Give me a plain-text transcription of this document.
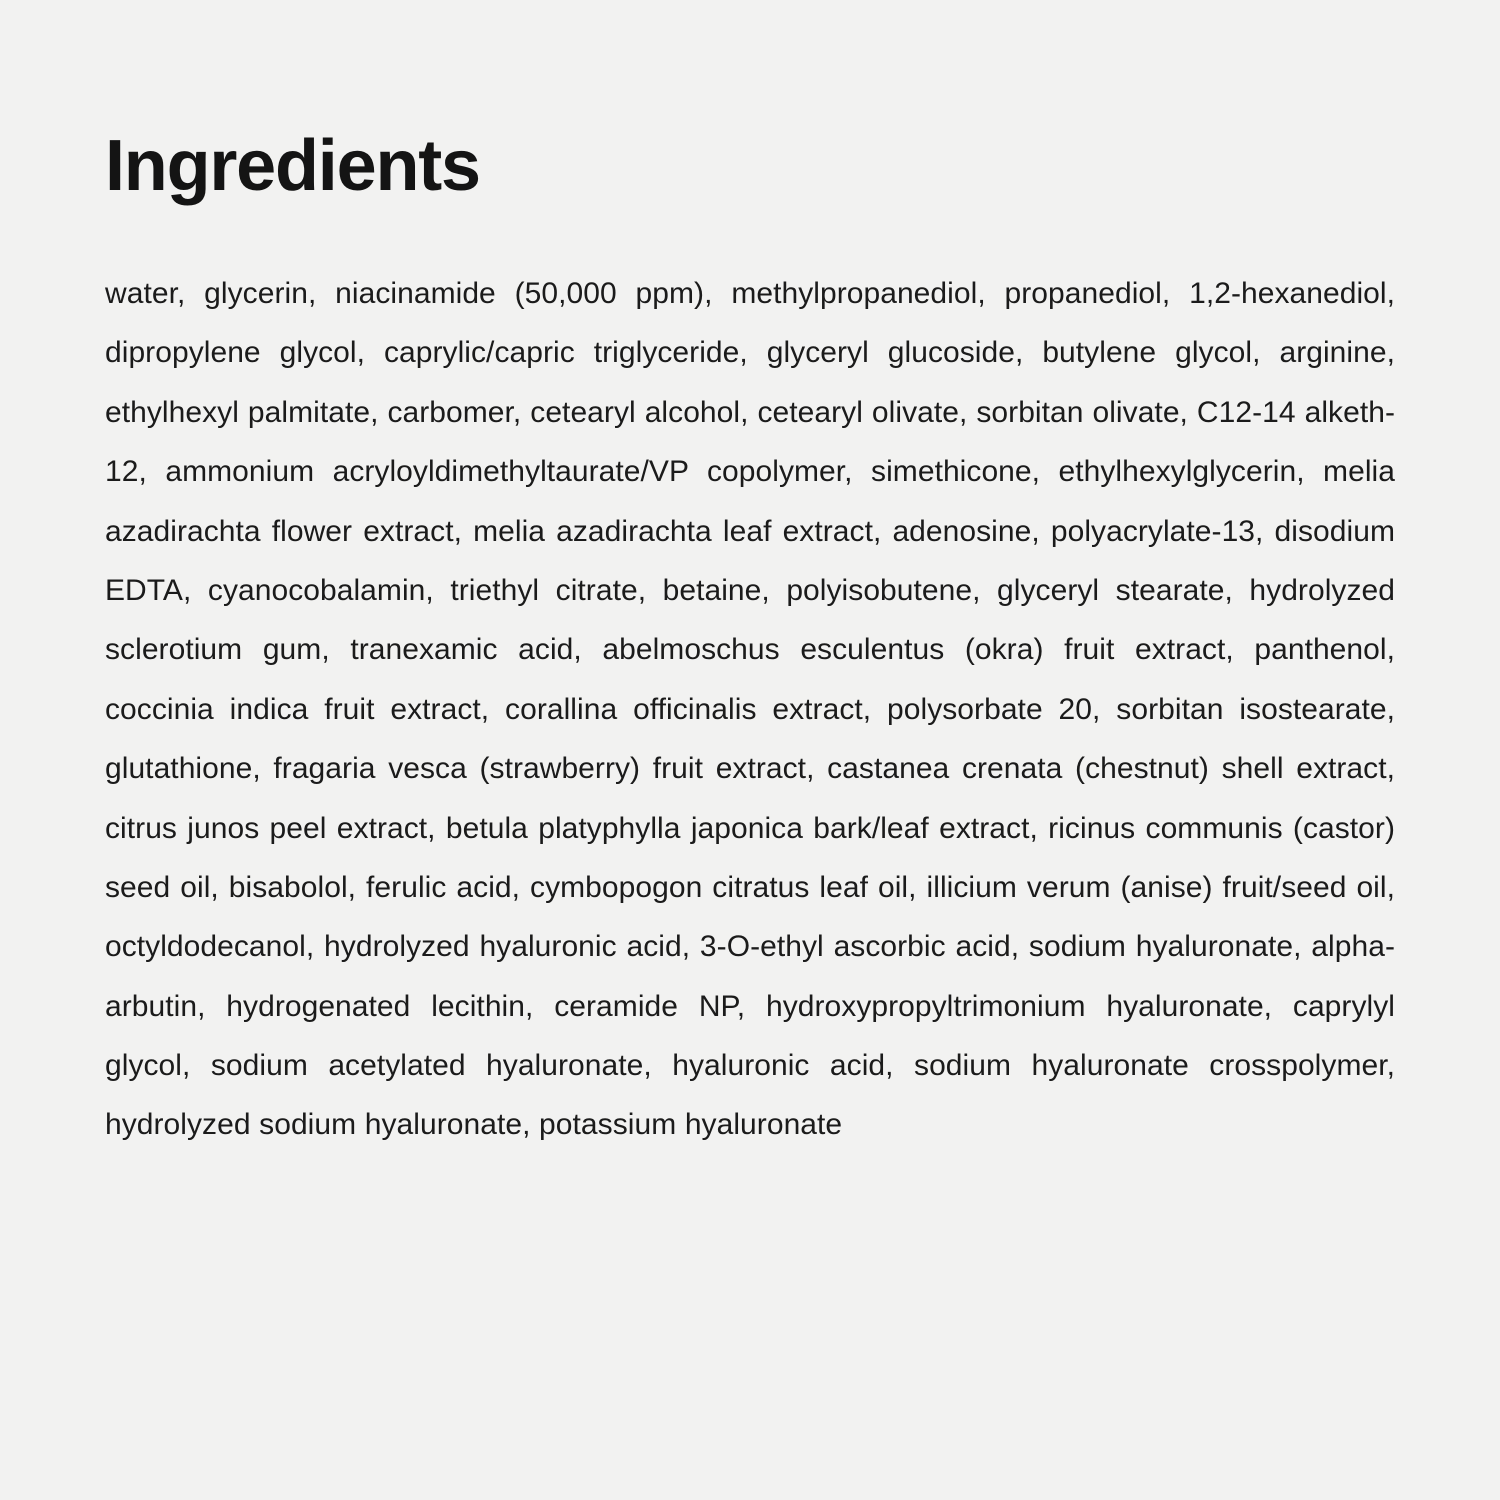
Ingredients

water, glycerin, niacinamide (50,000 ppm), methylpropanediol, propanediol, 1,2-hexanediol, dipropylene glycol, caprylic/capric triglyceride, glyceryl glucoside, butylene glycol, arginine, ethylhexyl palmitate, carbomer, cetearyl alcohol, cetearyl olivate, sorbitan olivate, C12-14 alketh-12, ammonium acryloyldimethyltaurate/VP copolymer, simethicone, ethylhexylglycerin, melia azadirachta flower extract, melia azadirachta leaf extract, adenosine, polyacrylate-13, disodium EDTA, cyanocobalamin, triethyl citrate, betaine, polyisobutene, glyceryl stearate, hydrolyzed sclerotium gum, tranexamic acid, abelmoschus esculentus (okra) fruit extract, panthenol, coccinia indica fruit extract, corallina officinalis extract, polysorbate 20, sorbitan isostearate, glutathione, fragaria vesca (strawberry) fruit extract, castanea crenata (chestnut) shell extract, citrus junos peel extract, betula platyphylla japonica bark/leaf extract, ricinus communis (castor) seed oil, bisabolol, ferulic acid, cymbopogon citratus leaf oil, illicium verum (anise) fruit/seed oil, octyldodecanol, hydrolyzed hyaluronic acid, 3-O-ethyl ascorbic acid, sodium hyaluronate, alpha-arbutin, hydrogenated lecithin, ceramide NP, hydroxypropyltrimonium hyaluronate, caprylyl glycol, sodium acetylated hyaluronate, hyaluronic acid, sodium hyaluronate crosspolymer, hydrolyzed sodium hyaluronate, potassium hyaluronate
